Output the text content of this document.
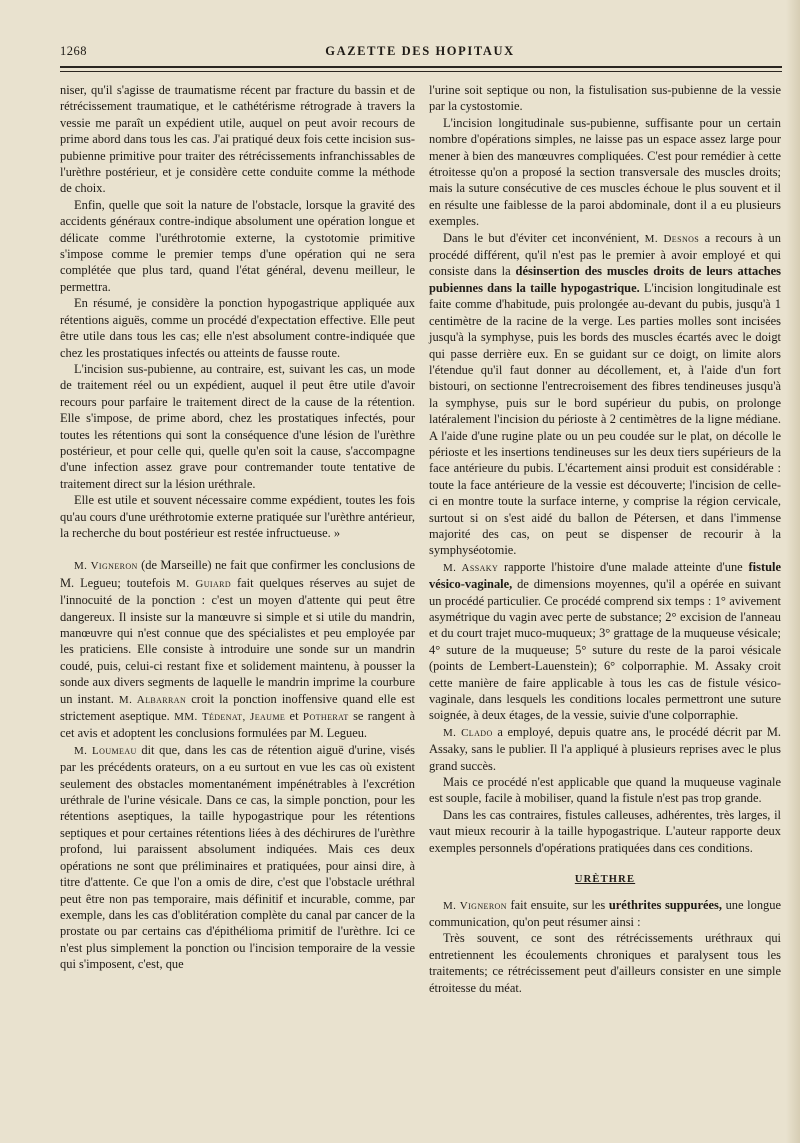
1268	GAZETTE DES HOPITAUX

niser, qu'il s'agisse de traumatisme récent par fracture du bassin et de rétrécissement traumatique, et le cathétérisme rétrograde à travers la vessie me paraît un expédient utile, auquel on peut avoir recours de prime abord dans tous les cas. J'ai pratiqué deux fois cette incision sus-pubienne primitive pour traiter des rétrécissements infranchissables de l'urèthre postérieur, et je considère cette conduite comme la méthode de choix.

Enfin, quelle que soit la nature de l'obstacle, lorsque la gravité des accidents généraux contre-indique absolument une opération longue et délicate comme l'uréthrotomie externe, la cystotomie primitive s'impose comme le premier temps d'une opération qui ne sera complétée que plus tard, quand l'état général, devenu meilleur, le permettra.

En résumé, je considère la ponction hypogastrique appliquée aux rétentions aiguës, comme un procédé d'expectation effective. Elle peut être utile dans tous les cas; elle n'est absolument contre-indiquée que chez les prostatiques infectés ou atteints de fausse route.

L'incision sus-pubienne, au contraire, est, suivant les cas, un mode de traitement réel ou un expédient, auquel il peut être utile d'avoir recours pour parfaire le traitement direct de la cause de la rétention. Elle s'impose, de prime abord, chez les prostatiques infectés, pour toutes les rétentions qui sont la conséquence d'une lésion de l'urèthre postérieur, et pour celle qui, quelle qu'en soit la cause, s'accompagne d'une infection assez grave pour contremander toute tentative de traitement direct sur la lésion uréthrale.

Elle est utile et souvent nécessaire comme expédient, toutes les fois qu'au cours d'une uréthrotomie externe pratiquée sur l'urèthre antérieur, la recherche du bout postérieur est restée infructueuse. »

M. Vigneron (de Marseille) ne fait que confirmer les conclusions de M. Legueu; toutefois M. Guiard fait quelques réserves au sujet de l'innocuité de la ponction : c'est un moyen d'attente qui peut être dangereux. Il insiste sur la manœuvre si simple et si utile du mandrin, manœuvre qui n'est connue que des spécialistes et peu employée par les praticiens. Elle consiste à introduire une sonde sur un mandrin coudé, puis, celui-ci restant fixe et solidement maintenu, à pousser la sonde aux divers segments de laquelle le mandrin imprime la courbure un instant. M. Albarran croit la ponction inoffensive quand elle est strictement aseptique. MM. Tédenat, Jeaume et Potherat se rangent à cet avis et adoptent les conclusions formulées par M. Legueu.

M. Loumeau dit que, dans les cas de rétention aiguë d'urine, visés par les précédents orateurs, on a eu surtout en vue les cas où existent seulement des obstacles momentanément impénétrables à l'excrétion uréthrale de l'urine vésicale. Dans ce cas, la simple ponction, pour les rétentions aseptiques, la taille hypogastrique pour les rétentions septiques et pour certaines rétentions liées à des déchirures de l'urèthre profond, lui paraissent absolument indiquées. Mais ces deux opérations ne sont que préliminaires et pratiquées, pour ainsi dire, à titre d'attente. Ce que l'on a omis de dire, c'est que l'obstacle uréthral peut être non pas temporaire, mais définitif et incurable, comme, par exemple, dans les cas d'oblitération complète du canal par cancer de la prostate ou par certains cas d'épithélioma primitif de l'urèthre. Ici ce n'est plus simplement la ponction ou l'incision temporaire de la vessie qui s'imposent, c'est, que

l'urine soit septique ou non, la fistulisation sus-pubienne de la vessie par la cystostomie.

L'incision longitudinale sus-pubienne, suffisante pour un certain nombre d'opérations simples, ne laisse pas un espace assez large pour mener à bien des manœuvres compliquées. C'est pour remédier à cette étroitesse qu'on a proposé la section transversale des muscles droits; mais la suture consécutive de ces muscles échoue le plus souvent et il en résulte une faiblesse de la paroi abdominale, dont il a eu plusieurs exemples.

Dans le but d'éviter cet inconvénient, M. Desnos a recours à un procédé différent, qu'il n'est pas le premier à avoir employé et qui consiste dans la désinsertion des muscles droits de leurs attaches pubiennes dans la taille hypogastrique. L'incision longitudinale est faite comme d'habitude, puis prolongée au-devant du pubis, jusqu'à 1 centimètre de la racine de la verge. Les parties molles sont incisées jusqu'à la symphyse, puis les bords des muscles écartés avec le doigt qui passe derrière eux. En se guidant sur ce doigt, on limite alors l'étendue qu'il faut donner au décollement, et, à l'aide d'un fort bistouri, on sectionne l'entrecroisement des fibres tendineuses jusqu'à la symphyse, puis sur le bord supérieur du pubis, on prolonge latéralement l'incision du périoste à 2 centimètres de la ligne médiane. A l'aide d'une rugine plate ou un peu coudée sur le plat, on décolle le périoste et les insertions tendineuses sur les deux tiers supérieurs de la face antérieure du pubis. L'écartement ainsi produit est considérable : toute la face antérieure de la vessie est découverte; l'incision de celle-ci en montre toute la surface interne, y comprise la région cervicale, surtout si on s'est aidé du ballon de Pétersen, et dans l'immense majorité des cas, on peut se dispenser de recourir à la symphyséotomie.

M. Assaky rapporte l'histoire d'une malade atteinte d'une fistule vésico-vaginale, de dimensions moyennes, qu'il a opérée en suivant un procédé particulier. Ce procédé comprend six temps : 1° avivement asymétrique du vagin avec perte de substance; 2° excision de l'anneau et du court trajet muco-muqueux; 3° grattage de la muqueuse vésicale; 4° suture de la muqueuse; 5° suture du reste de la paroi vésicale (points de Lembert-Lauenstein); 6° colporraphie. M. Assaky croit cette manière de faire applicable à tous les cas de fistule vésico-vaginale, dans lesquels les conditions locales permettront une suture soignée, à deux étages, de la vessie, suivie d'une colporraphie.

M. Clado a employé, depuis quatre ans, le procédé décrit par M. Assaky, sans le publier. Il l'a appliqué à plusieurs reprises avec le plus grand succès.

Mais ce procédé n'est applicable que quand la muqueuse vaginale est souple, facile à mobiliser, quand la fistule n'est pas trop grande.

Dans les cas contraires, fistules calleuses, adhérentes, très larges, il vaut mieux recourir à la taille hypogastrique. L'auteur rapporte deux exemples personnels d'opérations pratiquées dans ces conditions.

URÈTHRE

M. Vigneron fait ensuite, sur les uréthrites suppurées, une longue communication, qu'on peut résumer ainsi :

Très souvent, ce sont des rétrécissements uréthraux qui entretiennent les écoulements chroniques et paralysent tous les traitements; ce rétrécissement peut d'ailleurs consister en une simple étroitesse du méat.
